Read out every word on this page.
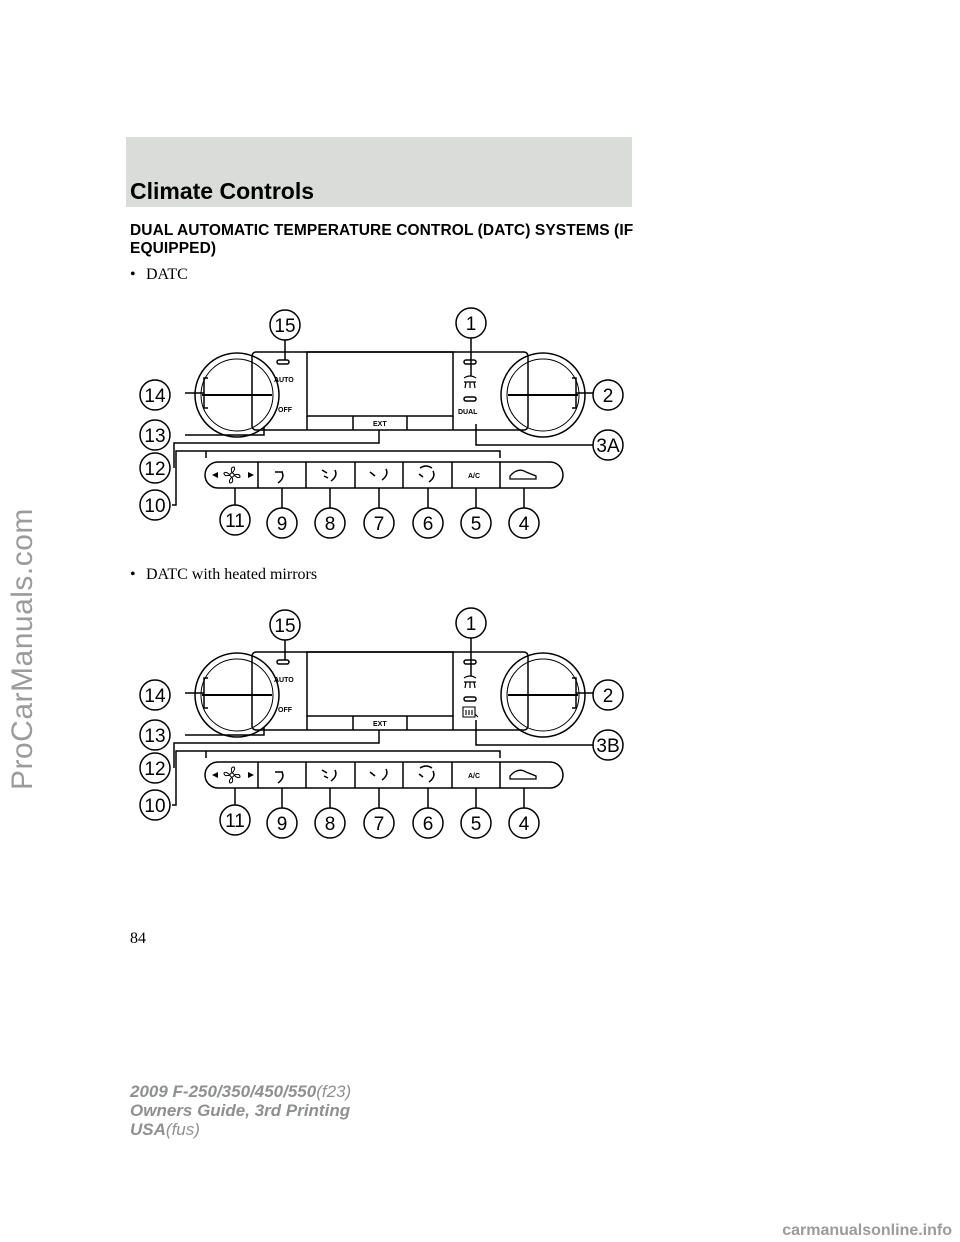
Climate Controls
DUAL AUTOMATIC TEMPERATURE CONTROL (DATC) SYSTEMS (IF EQUIPPED)
• DATC
AUTO
OFF
EXT
DUAL
A/C
15	1
14	2
13	3A
12
10
11 9 8 7 6 5 4
• DATC with heated mirrors
AUTO
OFF
EXT
A/C
15	1
14	2
13	3B
12
10
11 9 8 7 6 5 4
84
2009 F-250/350/450/550(f23)
Owners Guide, 3rd Printing
USA(fus)
ProCarManuals.com
carmanualsonline.info
